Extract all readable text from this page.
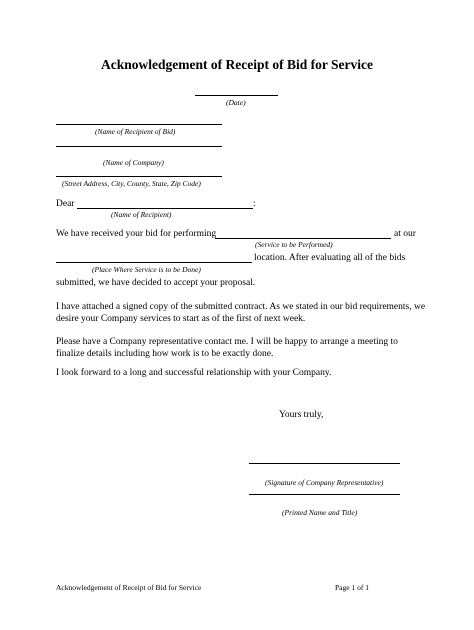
Acknowledgement of Receipt of Bid for Service
(Date)
(Name of Recipient of Bid)
(Name of Company)
(Street Address, City, County, State, Zip Code)
Dear	:
(Name of Recipient)
We have received your bid for performing	at our
(Service to be Performed)
location. After evaluating all of the bids
(Place Where Service is to be Done)
submitted, we have decided to accept your proposal.
I have attached a signed copy of the submitted contract. As we stated in our bid requirements, we desire your Company services to start as of the first of next week.
Please have a Company representative contact me. I will be happy to arrange a meeting to finalize details including how work is to be exactly done.
I look forward to a long and successful relationship with your Company.
Yours truly,
(Signature of Company Representative)
(Printed Name and Title)
Acknowledgement of Receipt of Bid for Service	Page 1 of 1
